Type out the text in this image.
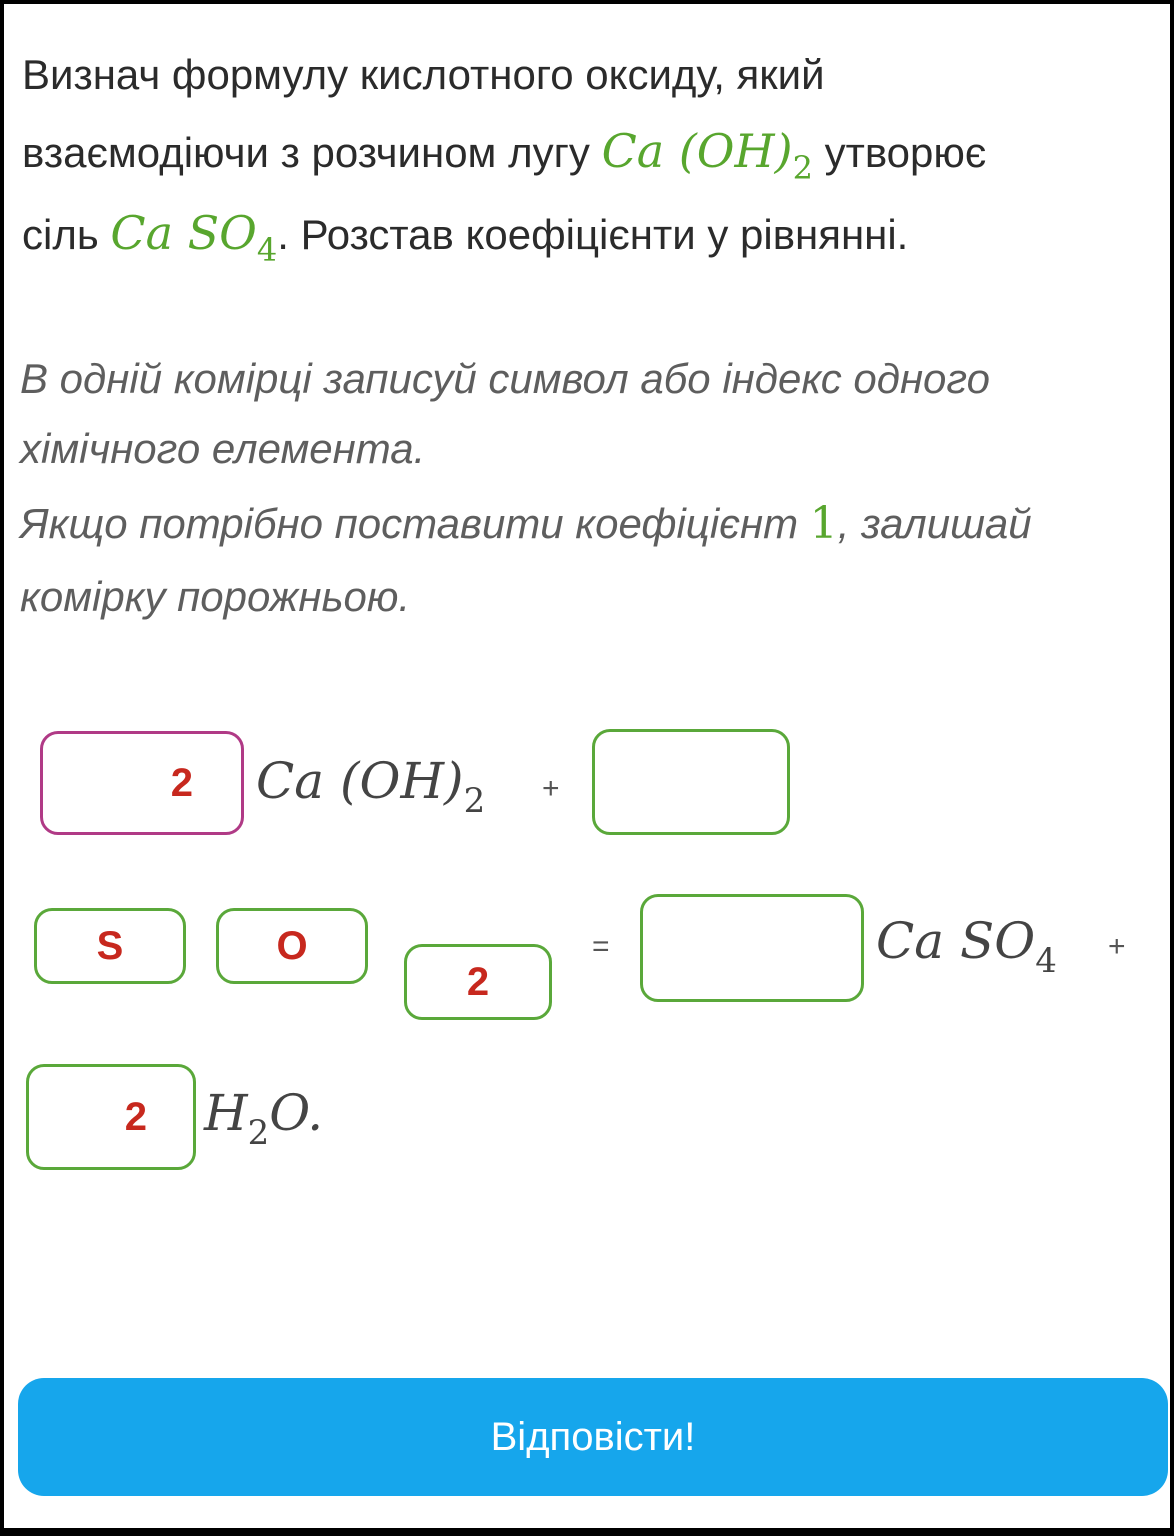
Визнач формулу кислотного оксиду, який
взаємодіючи з розчином лугу Ca $(OH)_2$ утворює
сіль Ca $SO_4$. Розстав коефіцієнти у рівнянні.
В одній комірці записуй символ або індекс одного
хімічного елемента.
Якщо потрібно поставити коефіцієнт 1, залишай
комірку порожньою.
2	Ca $(OH)_2$ +
S	O
2
=	Ca $SO_4$ +
2	$H_2O$.
Відповісти!
